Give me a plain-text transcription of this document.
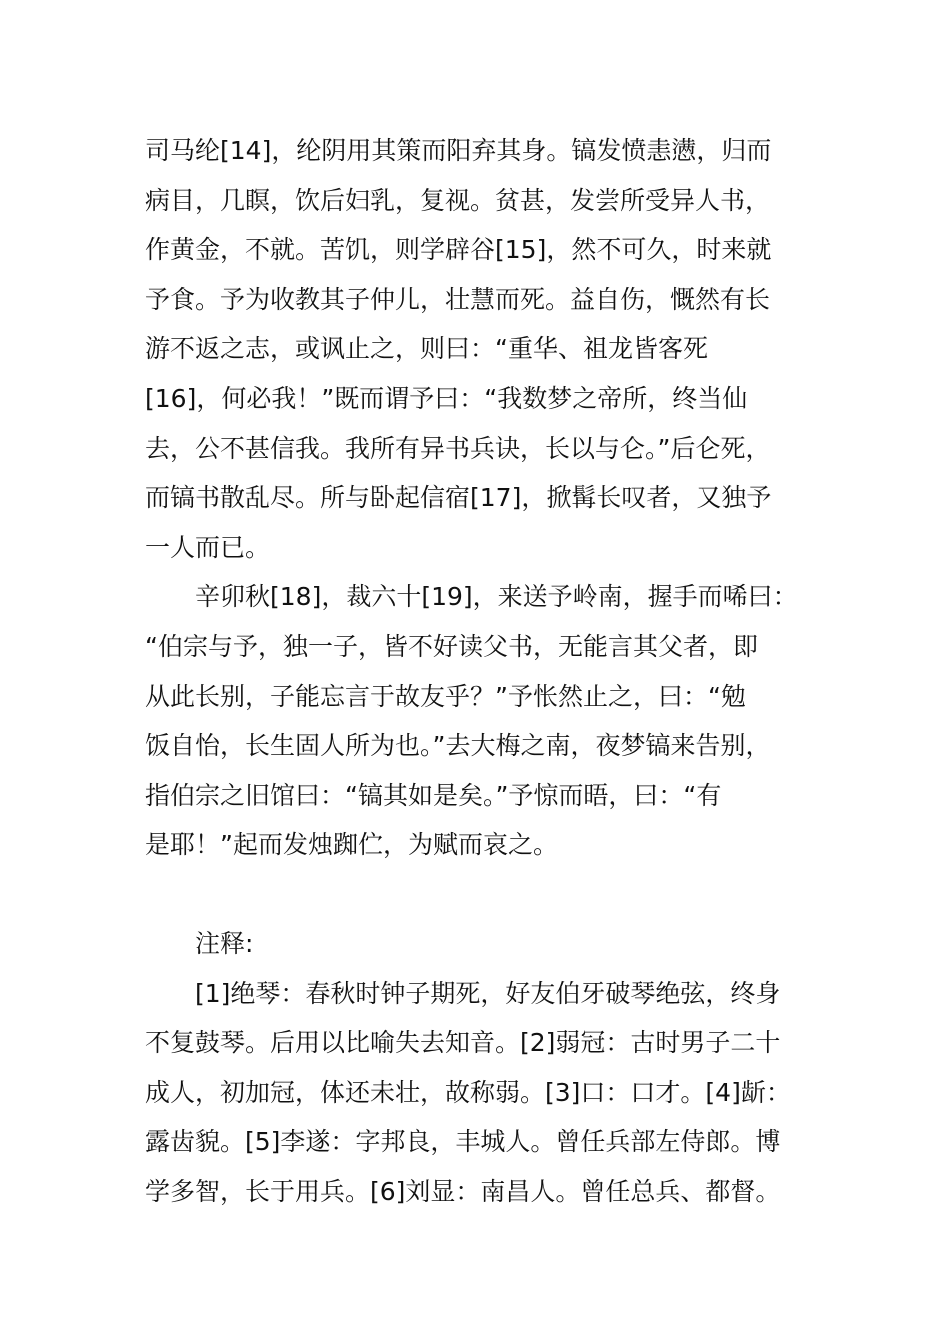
司马纶[14]，纶阴用其策而阳弃其身。镐发愤恚懑，归而
病目，几瞑，饮后妇乳，复视。贫甚，发尝所受异人书，
作黄金，不就。苦饥，则学辟谷[15]，然不可久，时来就
予食。予为收教其子仲儿，壮慧而死。益自伤，慨然有长
游不返之志，或讽止之，则曰：“重华、祖龙皆客死
[16]，何必我！”既而谓予曰：“我数梦之帝所，终当仙
去，公不甚信我。我所有异书兵诀，长以与仑。”后仑死，
而镐书散乱尽。所与卧起信宿[17]，掀髯长叹者，又独予
一人而已。
辛卯秋[18]，裁六十[19]，来送予岭南，握手而唏曰：
“伯宗与予，独一子，皆不好读父书，无能言其父者，即
从此长别，子能忘言于故友乎？”予怅然止之，曰：“勉
饭自怡，长生固人所为也。”去大梅之南，夜梦镐来告别，
指伯宗之旧馆曰：“镐其如是矣。”予惊而晤，曰：“有
是耶！”起而发烛踟伫，为赋而哀之。
注释:
[1]绝琴：春秋时钟子期死，好友伯牙破琴绝弦，终身
不复鼓琴。后用以比喻失去知音。[2]弱冠：古时男子二十
成人，初加冠，体还未壮，故称弱。[3]口：口才。[4]龂：
露齿貌。[5]李遂：字邦良，丰城人。曾任兵部左侍郎。博
学多智，长于用兵。[6]刘显：南昌人。曾任总兵、都督。
